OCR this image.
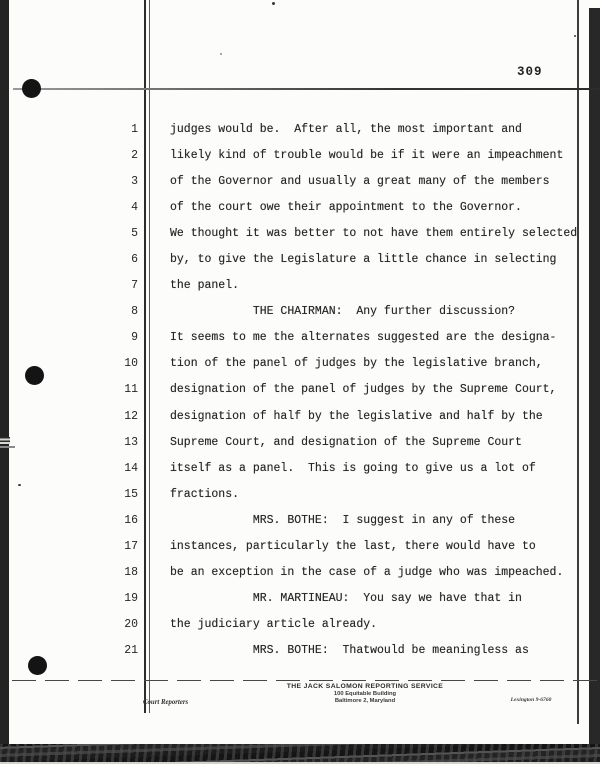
309
1	judges would be.  After all, the most important and
2	likely kind of trouble would be if it were an impeachment
3	of the Governor and usually a great many of the members
4	of the court owe their appointment to the Governor.
5	We thought it was better to not have them entirely selected
6	by, to give the Legislature a little chance in selecting
7	the panel.
8	THE CHAIRMAN:  Any further discussion?
9	It seems to me the alternates suggested are the designa-
10	tion of the panel of judges by the legislative branch,
11	designation of the panel of judges by the Supreme Court,
12	designation of half by the legislative and half by the
13	Supreme Court, and designation of the Supreme Court
14	itself as a panel.  This is going to give us a lot of
15	fractions.
16	MRS. BOTHE:  I suggest in any of these
17	instances, particularly the last, there would have to
18	be an exception in the case of a judge who was impeached.
19	MR. MARTINEAU:  You say we have that in
20	the judiciary article already.
21	MRS. BOTHE:  Thatwould be meaningless as
THE JACK SALOMON REPORTING SERVICE
100 Equitable Building
Baltimore 2, Maryland
Court Reporters	Lexington 9-6760
